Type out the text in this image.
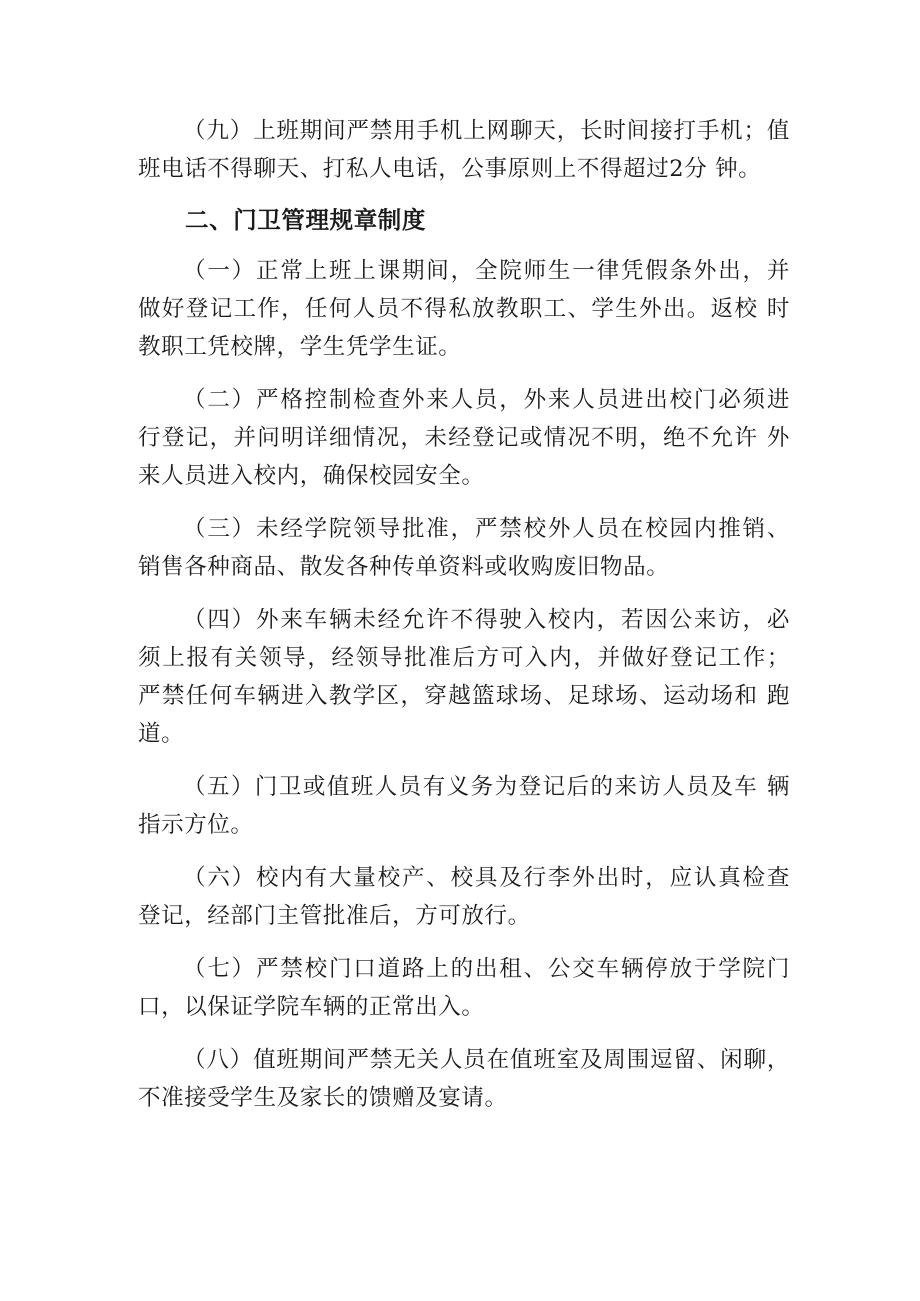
（九）上班期间严禁用手机上网聊天，长时间接打手机；值班电话不得聊天、打私人电话，公事原则上不得超过2分 钟。

二、门卫管理规章制度

（一）正常上班上课期间，全院师生一律凭假条外出，并 做好登记工作，任何人员不得私放教职工、学生外出。返校 时教职工凭校牌，学生凭学生证。

（二）严格控制检查外来人员，外来人员进出校门必须进 行登记，并问明详细情况，未经登记或情况不明，绝不允许 外来人员进入校内，确保校园安全。

（三）未经学院领导批准，严禁校外人员在校园内推销、 销售各种商品、散发各种传单资料或收购废旧物品。

（四）外来车辆未经允许不得驶入校内，若因公来访，必 须上报有关领导，经领导批准后方可入内，并做好登记工作； 严禁任何车辆进入教学区，穿越篮球场、足球场、运动场和 跑道。

（五）门卫或值班人员有义务为登记后的来访人员及车 辆指示方位。

（六）校内有大量校产、校具及行李外出时，应认真检查 登记，经部门主管批准后，方可放行。

（七）严禁校门口道路上的出租、公交车辆停放于学院门 口，以保证学院车辆的正常出入。

（八）值班期间严禁无关人员在值班室及周围逗留、闲聊，不准接受学生及家长的馈赠及宴请。
